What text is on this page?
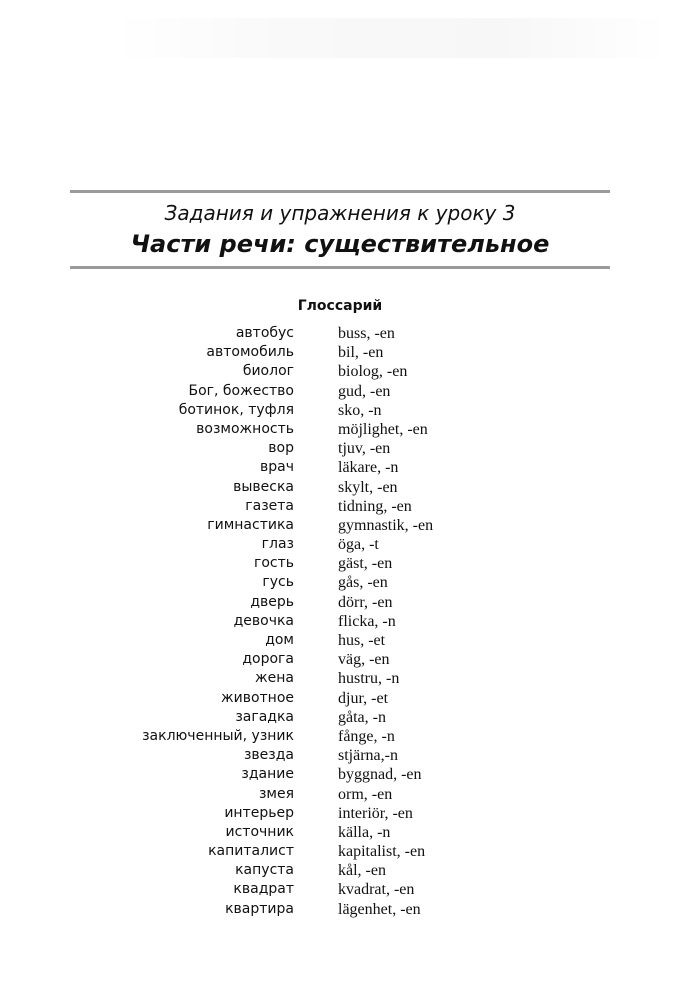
Задания и упражнения к уроку 3
Части речи: существительное
Глоссарий
автобус	buss, -en
автомобиль	bil, -en
биолог	biolog, -en
Бог, божество	gud, -en
ботинок, туфля	sko, -n
возможность	möjlighet, -en
вор	tjuv, -en
врач	läkare, -n
вывеска	skylt, -en
газета	tidning, -en
гимнастика	gymnastik, -en
глаз	öga, -t
гость	gäst, -en
гусь	gås, -en
дверь	dörr, -en
девочка	flicka, -n
дом	hus, -et
дорога	väg, -en
жена	hustru, -n
животное	djur, -et
загадка	gåta, -n
заключенный, узник	fånge, -n
звезда	stjärna,-n
здание	byggnad, -en
змея	orm, -en
интерьер	interiör, -en
источник	källa, -n
капиталист	kapitalist, -en
капуста	kål, -en
квадрат	kvadrat, -en
квартира	lägenhet, -en
